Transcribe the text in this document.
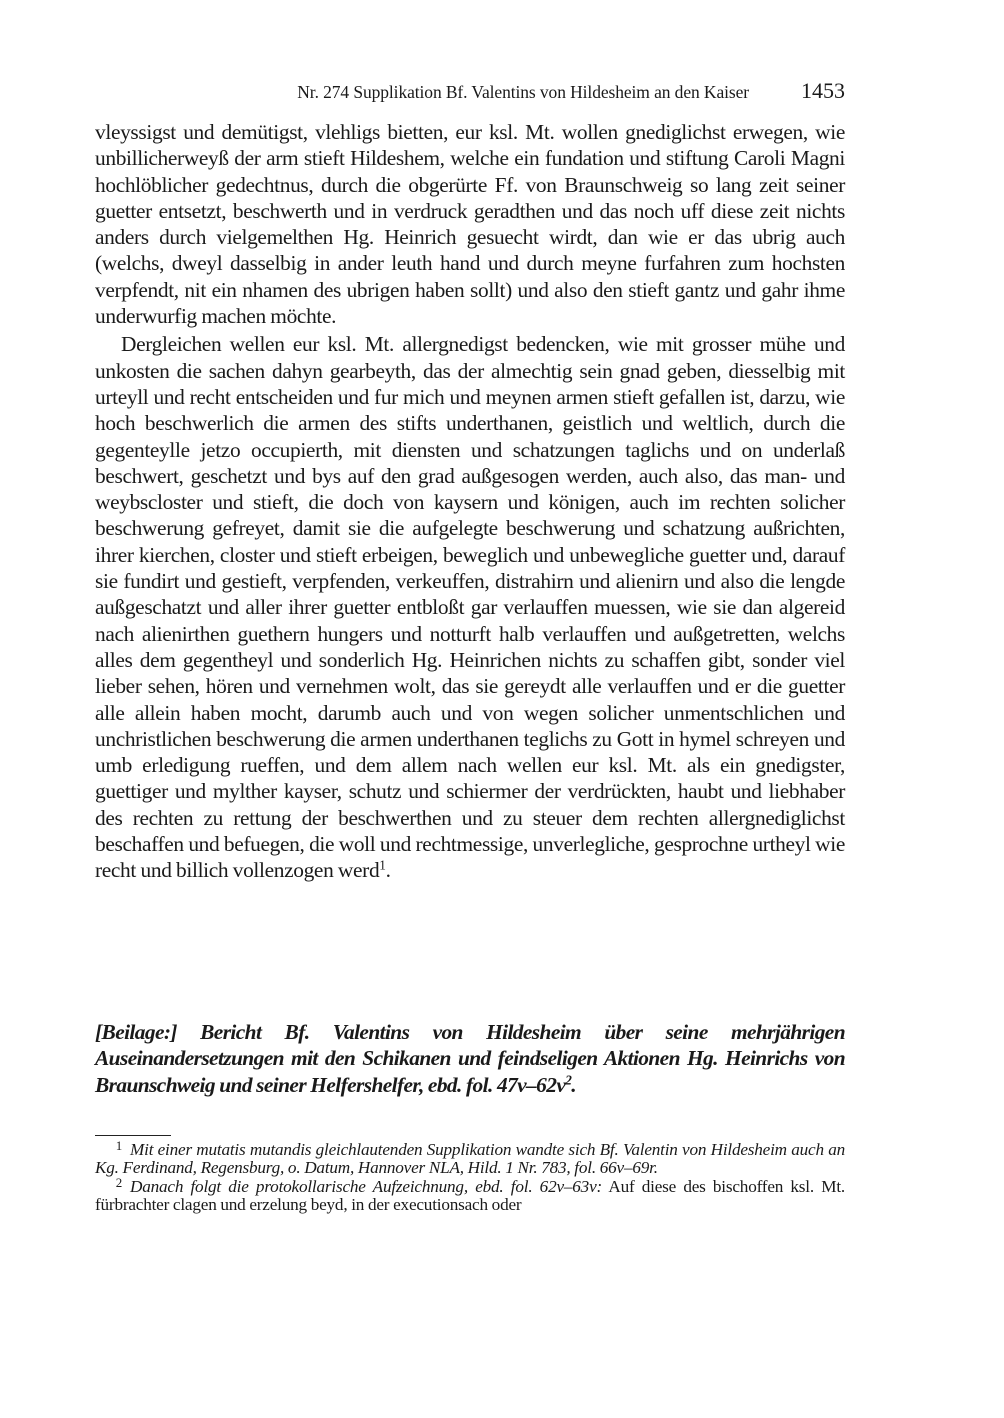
Nr. 274 Supplikation Bf. Valentins von Hildesheim an den Kaiser 1453

vleyssigst und demütigst, vlehligs bietten, eur ksl. Mt. wollen gnediglichst erwegen, wie unbillicherweyß der arm stieft Hildeshem, welche ein fundation und stiftung Caroli Magni hochlöblicher gedechtnus, durch die obgerürte Ff. von Braunschweig so lang zeit seiner guetter entsetzt, beschwerth und in verdruck geradthen und das noch uff diese zeit nichts anders durch vielgemelthen Hg. Heinrich gesuecht wirdt, dan wie er das ubrig auch (welchs, dweyl dasselbig in ander leuth hand und durch meyne furfahren zum hochsten verpfendt, nit ein nhamen des ubrigen haben sollt) und also den stieft gantz und gahr ihme underwurfig machen möchte.

Dergleichen wellen eur ksl. Mt. allergnedigst bedencken, wie mit grosser mühe und unkosten die sachen dahyn gearbeyth, das der almechtig sein gnad geben, diesselbig mit urteyll und recht entscheiden und fur mich und meynen armen stieft gefallen ist, darzu, wie hoch beschwerlich die armen des stifts underthanen, geistlich und weltlich, durch die gegenteylle jetzo occupierth, mit diensten und schatzungen taglichs und on underlaß beschwert, geschetzt und bys auf den grad außgesogen werden, auch also, das man- und weybscloster und stieft, die doch von kaysern und königen, auch im rechten solicher beschwerung gefreyet, damit sie die aufgelegte beschwerung und schatzung außrichten, ihrer kierchen, closter und stieft erbeigen, beweglich und unbewegliche guetter und, darauf sie fundirt und gestieft, verpfenden, verkeuffen, distrahirn und alienirn und also die lengde außgeschatzt und aller ihrer guetter entbloßt gar verlauffen muessen, wie sie dan algereid nach alienirthen guethern hungers und notturft halb verlauffen und außgetretten, welchs alles dem gegentheyl und sonderlich Hg. Heinrichen nichts zu schaffen gibt, sonder viel lieber sehen, hören und vernehmen wolt, das sie gereydt alle verlauffen und er die guetter alle allein haben mocht, darumb auch und von wegen solicher unmentschlichen und unchristlichen beschwerung die armen underthanen teglichs zu Gott in hymel schreyen und umb erledigung rueffen, und dem allem nach wellen eur ksl. Mt. als ein gnedigster, guettiger und mylther kayser, schutz und schiermer der verdrückten, haubt und liebhaber des rechten zu rettung der beschwerthen und zu steuer dem rechten allergnediglichst beschaffen und befuegen, die woll und rechtmessige, unverlegliche, gesprochne urtheyl wie recht und billich vollenzogen werd$^1$.

[Beilage:] Bericht Bf. Valentins von Hildesheim über seine mehrjährigen Auseinandersetzungen mit den Schikanen und feindseligen Aktionen Hg. Heinrichs von Braunschweig und seiner Helfershelfer, ebd. fol. $47v-62v^2$.

1 Mit einer mutatis mutandis gleichlautenden Supplikation wandte sich Bf. Valentin von Hildesheim auch an Kg. Ferdinand, Regensburg, o. Datum, Hannover NLA, Hild. 1 Nr. 783, fol. 66v–69r.

2 Danach folgt die protokollarische Aufzeichnung, ebd. fol. 62v–63v: Auf diese des bischoffen ksl. Mt. fürbrachter clagen und erzelung beyd, in der executionsach oder
